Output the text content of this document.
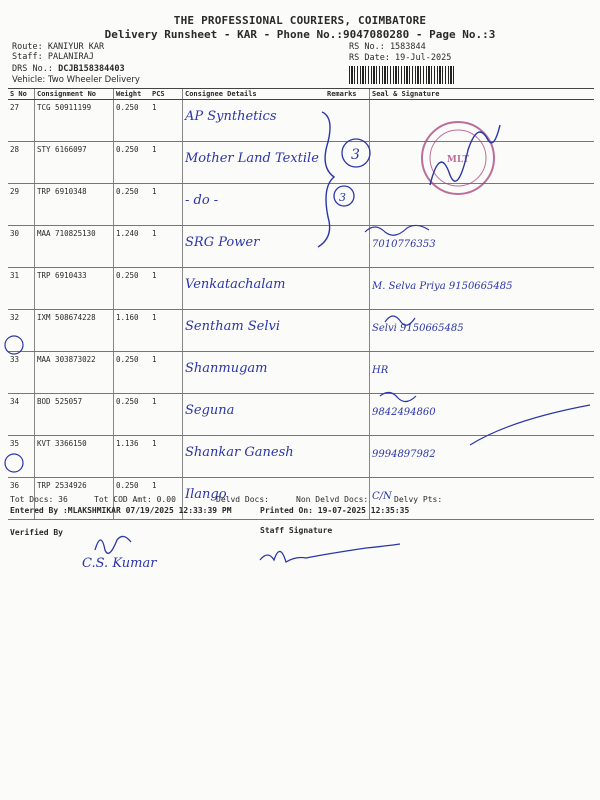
THE PROFESSIONAL COURIERS, COIMBATORE
Delivery Runsheet - KAR - Phone No.:9047080280 - Page No.:3
Route: KANIYUR KAR
Staff: PALANIRAJ
DRS No.: DCJB158384403
Vehicle: Two Wheeler Delivery
RS No.: 1583844
RS Date: 19-Jul-2025
S No	Consignment No	Weight	PCS	Consignee Details	Remarks	Seal & Signature
27	TCG 50911199	0.250	1	AP Synthetics		
28	STY 6166097	0.250	1	Mother Land Textile		
29	TRP 6910348	0.250	1	- do -		
30	MAA 710825130	1.240	1	SRG Power		7010776353
31	TRP 6910433	0.250	1	Venkatachalam		M. Selva Priya 9150665485
32	IXM 508674228	1.160	1	Sentham Selvi		Selvi 9150665485
33	MAA 303873022	0.250	1	Shanmugam		HR
34	BOD 525057	0.250	1	Seguna		9842494860
35	KVT 3366150	1.136	1	Shankar Ganesh		9994897982
36	TRP 2534926	0.250	1	Ilango		C/N
MLT
3
3
Tot Docs: 36	Tot COD Amt: 0.00	Delvd Docs:	Non Delvd Docs:	Delvy Pts:
Entered By :MLAKSHMIKAR 07/19/2025 12:33:39 PM	Printed On: 19-07-2025 12:35:35
Verified By	Staff Signature
C.S. Kumar
